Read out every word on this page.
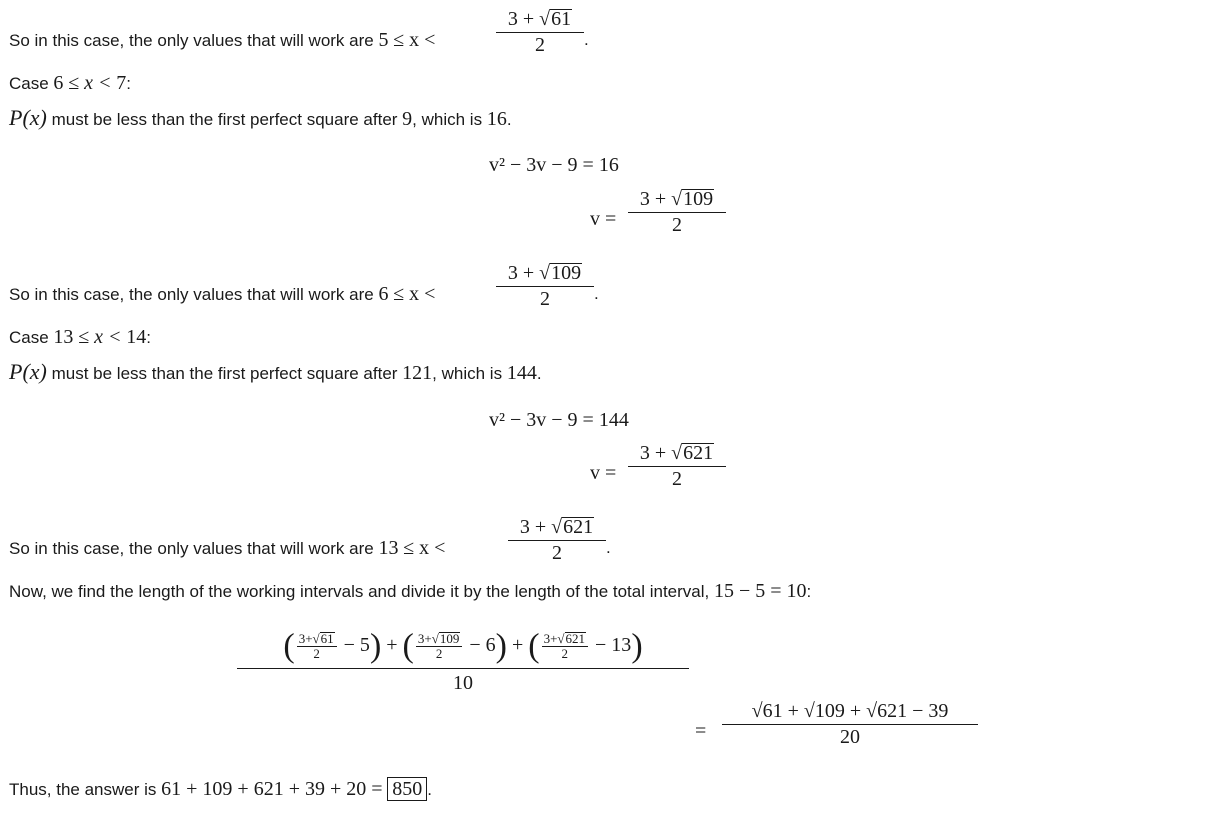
So in this case, the only values that will work are 5 ≤ x <	$\frac{3 + √61}{2}$ .
Case 6 ≤ x < 7:
P(x) must be less than the first perfect square after 9, which is 16.
v² − 3v − 9 = 16
$v = \frac{3 + √109}{2}$
So in this case, the only values that will work are 6 ≤ x <	$\frac{3 + √109}{2}$ .
Case 13 ≤ x < 14:
P(x) must be less than the first perfect square after 121, which is 144.
v² − 3v − 9 = 144
$v = \frac{3 + √621}{2}$
So in this case, the only values that will work are 13 ≤ x <	$\frac{3 + √621}{2}$ .
Now, we find the length of the working intervals and divide it by the length of the total interval, 15 − 5 = 10:
( $\frac{3+√61}{2} - 5$) + ( $\frac{3+√109}{2} - 6$) + ( $\frac{3+√621}{2} - 13$)
10
= $\frac{√61 + √109 + √621 - 39}{20}$
Thus, the answer is 61 + 109 + 621 + 39 + 20 = 850 .
